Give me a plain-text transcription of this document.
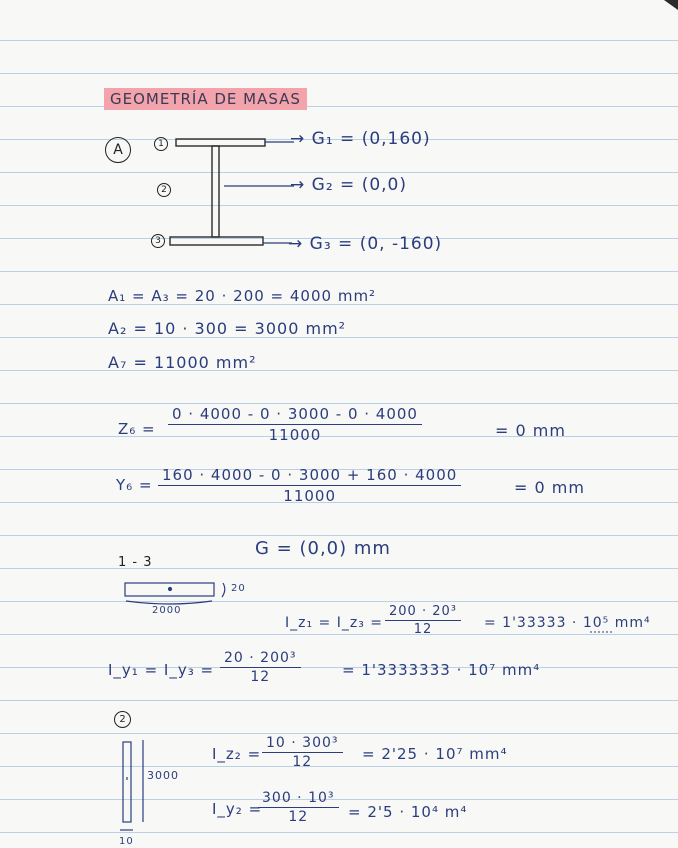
GEOMETRÍA DE MASAS
A	1
2
3
→ G₁ = (0,160)
→ G₂ = (0,0)
→ G₃ = (0, -160)
A₁ = A₃ = 20 · 200 = 4000 mm²
A₂ = 10 · 300 = 3000 mm²
A₇ = 11000 mm²
$Z_6 = \frac{0 \cdot 4000 - 0 \cdot 3000 - 0 \cdot 4000}{11000}$	= 0 mm
$Y_6 = \frac{160 \cdot 4000 - 0 \cdot 3000 + 160 \cdot 4000}{11000}$	= 0 mm
G = (0,0) mm
1 - 3
20
2000
I_z₁ = I_z₃ = $\frac{\text{200 · 20³}}{12} = 1'33333 \cdot 10^5$ mm⁴
I_y₁ = I_y₃ = $\frac{\text{20 · 200³}}{12}$	= 1'3333333 · 10⁷ mm⁴
2
3000
10
I_z₂ = $\frac{\text{10 · 300³}}{12} = 2'25 \cdot 10^7$ mm⁴
I_y₂ =
$\frac{\text{300 · 10³}}{12} = 2'5 \cdot 10^4$ m⁴
